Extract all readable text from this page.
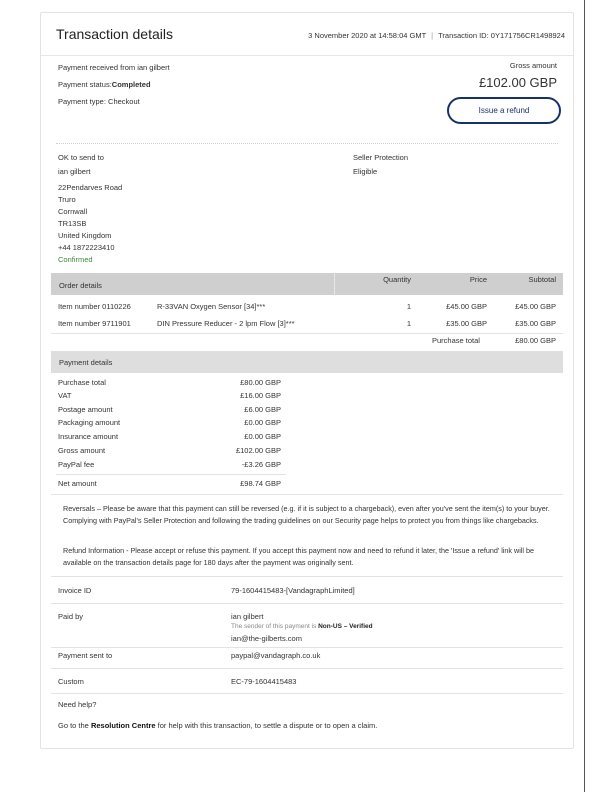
Transaction details	3 November 2020 at 14:58:04 GMT | Transaction ID: 0Y171756CR1498924
Payment received from ian gilbert
Payment status:Completed
Payment type: Checkout
Gross amount
£102.00 GBP
Issue a refund
OK to send to
ian gilbert
22Pendarves Road
Truro
Cornwall
TR13SB
United Kingdom
+44 1872223410
Confirmed
Seller Protection
Eligible
Order details
Quantity	Price	Subtotal
Item number 0110226	R-33VAN Oxygen Sensor [34]***	1	£45.00 GBP	£45.00 GBP
Item number 9711901	DIN Pressure Reducer - 2 lpm Flow [3]***	1	£35.00 GBP	£35.00 GBP
Purchase total	£80.00 GBP
Payment details
Purchase total	£80.00 GBP
VAT	£16.00 GBP
Postage amount	£6.00 GBP
Packaging amount	£0.00 GBP
Insurance amount	£0.00 GBP
Gross amount	£102.00 GBP
PayPal fee	-£3.26 GBP
Net amount	£98.74 GBP
Reversals – Please be aware that this payment can still be reversed (e.g. if it is subject to a chargeback), even after you've sent the item(s) to your buyer. Complying with PayPal's Seller Protection and following the trading guidelines on our Security page helps to protect you from things like chargebacks.
Refund Information - Please accept or refuse this payment. If you accept this payment now and need to refund it later, the 'Issue a refund' link will be available on the transaction details page for 180 days after the payment was originally sent.
Invoice ID	79-1604415483-[VandagraphLimited]
Paid by	ian gilbert
The sender of this payment is Non-US – Verified
ian@the-gilberts.com
Payment sent to	paypal@vandagraph.co.uk
Custom	EC-79-1604415483
Need help?
Go to the Resolution Centre for help with this transaction, to settle a dispute or to open a claim.
